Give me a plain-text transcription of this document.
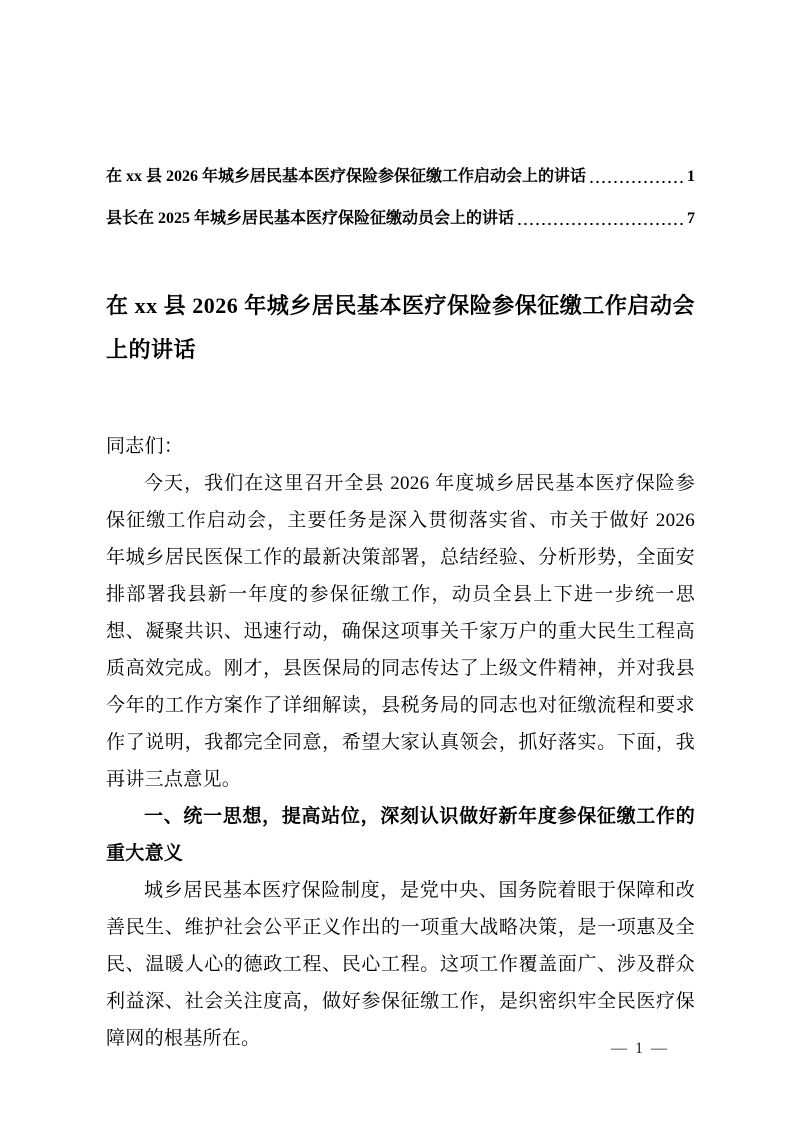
在 xx 县 2026 年城乡居民基本医疗保险参保征缴工作启动会上的讲话	1
县长在 2025 年城乡居民基本医疗保险征缴动员会上的讲话	7
在 xx 县 2026 年城乡居民基本医疗保险参保征缴工作启动会上的讲话

同志们：

今天，我们在这里召开全县 2026 年度城乡居民基本医疗保险参保征缴工作启动会，主要任务是深入贯彻落实省、市关于做好 2026 年城乡居民医保工作的最新决策部署，总结经验、分析形势，全面安排部署我县新一年度的参保征缴工作，动员全县上下进一步统一思想、凝聚共识、迅速行动，确保这项事关千家万户的重大民生工程高质高效完成。刚才，县医保局的同志传达了上级文件精神，并对我县今年的工作方案作了详细解读，县税务局的同志也对征缴流程和要求作了说明，我都完全同意，希望大家认真领会，抓好落实。下面，我再讲三点意见。

一、统一思想，提高站位，深刻认识做好新年度参保征缴工作的重大意义

城乡居民基本医疗保险制度，是党中央、国务院着眼于保障和改善民生、维护社会公平正义作出的一项重大战略决策，是一项惠及全民、温暖人心的德政工程、民心工程。这项工作覆盖面广、涉及群众利益深、社会关注度高，做好参保征缴工作，是织密织牢全民医疗保障网的根基所在。	— 1 —
